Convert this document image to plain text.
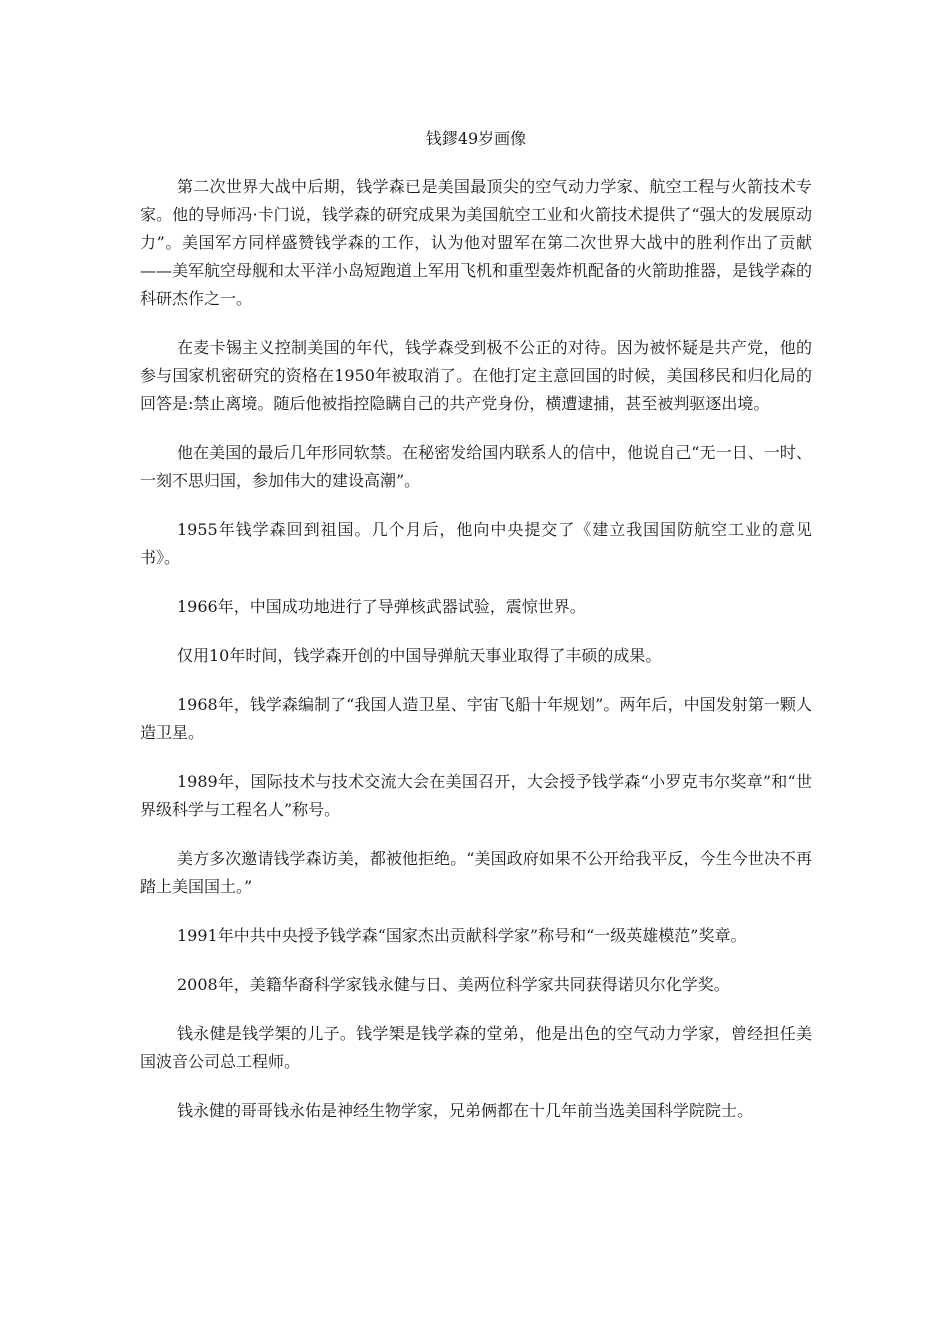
钱鏐49岁画像

第二次世界大战中后期，钱学森已是美国最顶尖的空气动力学家、航空工程与火箭技术专家。他的导师冯·卡门说，钱学森的研究成果为美国航空工业和火箭技术提供了“强大的发展原动力”。美国军方同样盛赞钱学森的工作，认为他对盟军在第二次世界大战中的胜利作出了贡献——美军航空母舰和太平洋小岛短跑道上军用飞机和重型轰炸机配备的火箭助推器，是钱学森的科研杰作之一。

在麦卡锡主义控制美国的年代，钱学森受到极不公正的对待。因为被怀疑是共产党，他的参与国家机密研究的资格在1950年被取消了。在他打定主意回国的时候，美国移民和归化局的回答是:禁止离境。随后他被指控隐瞒自己的共产党身份，横遭逮捕，甚至被判驱逐出境。

他在美国的最后几年形同软禁。在秘密发给国内联系人的信中，他说自己“无一日、一时、一刻不思归国，参加伟大的建设高潮”。

1955年钱学森回到祖国。几个月后，他向中央提交了《建立我国国防航空工业的意见书》。

1966年，中国成功地进行了导弹核武器试验，震惊世界。

仅用10年时间，钱学森开创的中国导弹航天事业取得了丰硕的成果。

1968年，钱学森编制了“我国人造卫星、宇宙飞船十年规划”。两年后，中国发射第一颗人造卫星。

1989年，国际技术与技术交流大会在美国召开，大会授予钱学森“小罗克韦尔奖章”和“世界级科学与工程名人”称号。

美方多次邀请钱学森访美，都被他拒绝。“美国政府如果不公开给我平反，今生今世决不再踏上美国国土。”

1991年中共中央授予钱学森“国家杰出贡献科学家”称号和“一级英雄模范”奖章。

2008年，美籍华裔科学家钱永健与日、美两位科学家共同获得诺贝尔化学奖。

钱永健是钱学榘的儿子。钱学榘是钱学森的堂弟，他是出色的空气动力学家，曾经担任美国波音公司总工程师。

钱永健的哥哥钱永佑是神经生物学家，兄弟俩都在十几年前当选美国科学院院士。
